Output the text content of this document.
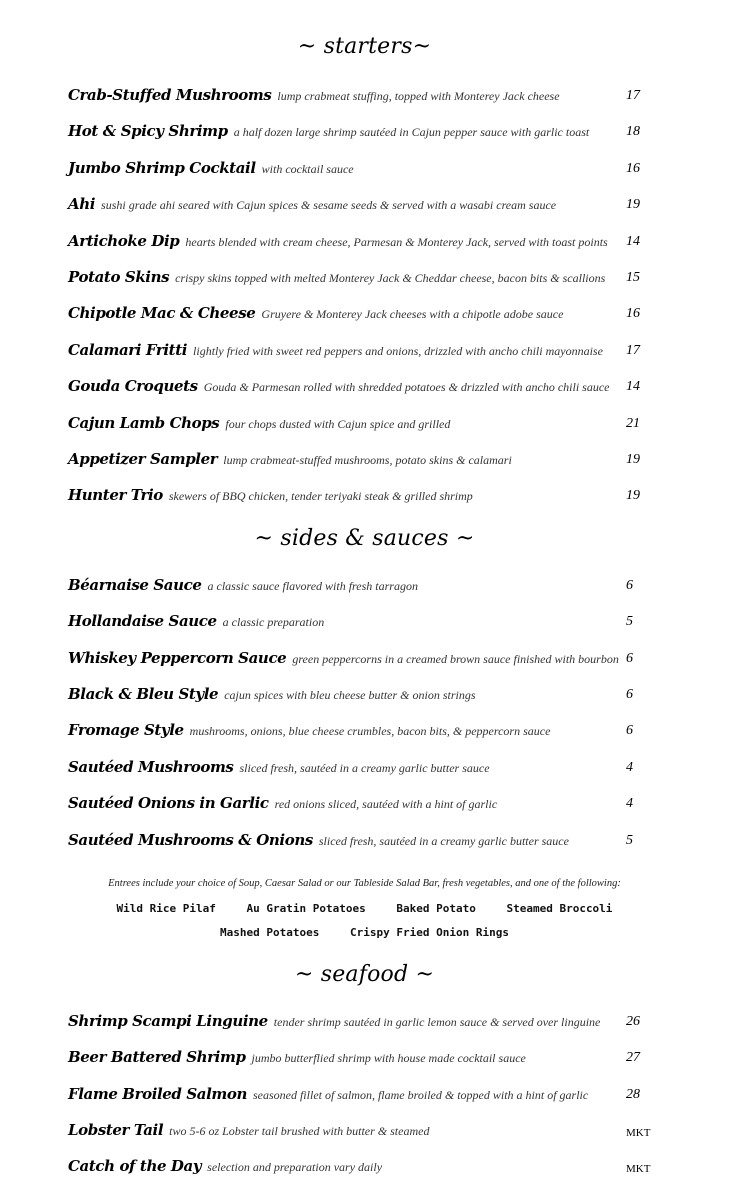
~ starters~
Crab-Stuffed Mushrooms lump crabmeat stuffing, topped with Monterey Jack cheese	17
Hot & Spicy Shrimp a half dozen large shrimp sautéed in Cajun pepper sauce with garlic toast	18
Jumbo Shrimp Cocktail with cocktail sauce	16
Ahi sushi grade ahi seared with Cajun spices & sesame seeds & served with a wasabi cream sauce	19
Artichoke Dip hearts blended with cream cheese, Parmesan & Monterey Jack, served with toast points 14
Potato Skins crispy skins topped with melted Monterey Jack & Cheddar cheese, bacon bits & scallions 15
Chipotle Mac & Cheese Gruyere & Monterey Jack cheeses with a chipotle adobe sauce	16
Calamari Fritti lightly fried with sweet red peppers and onions, drizzled with ancho chili mayonnaise 17
Gouda Croquets Gouda & Parmesan rolled with shredded potatoes & drizzled with ancho chili sauce 14
Cajun Lamb Chops four chops dusted with Cajun spice and grilled	21
Appetizer Sampler lump crabmeat-stuffed mushrooms, potato skins & calamari	19
Hunter Trio skewers of BBQ chicken, tender teriyaki steak & grilled shrimp	19
~ sides & sauces ~
Béarnaise Sauce a classic sauce flavored with fresh tarragon	6
Hollandaise Sauce a classic preparation	5
Whiskey Peppercorn Sauce green peppercorns in a creamed brown sauce finished with bourbon 6
Black & Bleu Style cajun spices with bleu cheese butter & onion strings	6
Fromage Style mushrooms, onions, blue cheese crumbles, bacon bits, & peppercorn sauce	6
Sautéed Mushrooms sliced fresh, sautéed in a creamy garlic butter sauce	4
Sautéed Onions in Garlic red onions sliced, sautéed with a hint of garlic	4
Sautéed Mushrooms & Onions sliced fresh, sautéed in a creamy garlic butter sauce	5
Entrees include your choice of Soup, Caesar Salad or our Tableside Salad Bar, fresh vegetables, and one of the following:
Wild Rice Pilaf	Au Gratin Potatoes	Baked Potato	Steamed Broccoli
Mashed Potatoes	Crispy Fried Onion Rings
~ seafood ~
Shrimp Scampi Linguine tender shrimp sautéed in garlic lemon sauce & served over linguine 26
Beer Battered Shrimp jumbo butterflied shrimp with house made cocktail sauce	27
Flame Broiled Salmon seasoned fillet of salmon, flame broiled & topped with a hint of garlic	28
Lobster Tail two 5-6 oz Lobster tail brushed with butter & steamed	MKT
Catch of the Day selection and preparation vary daily	MKT
